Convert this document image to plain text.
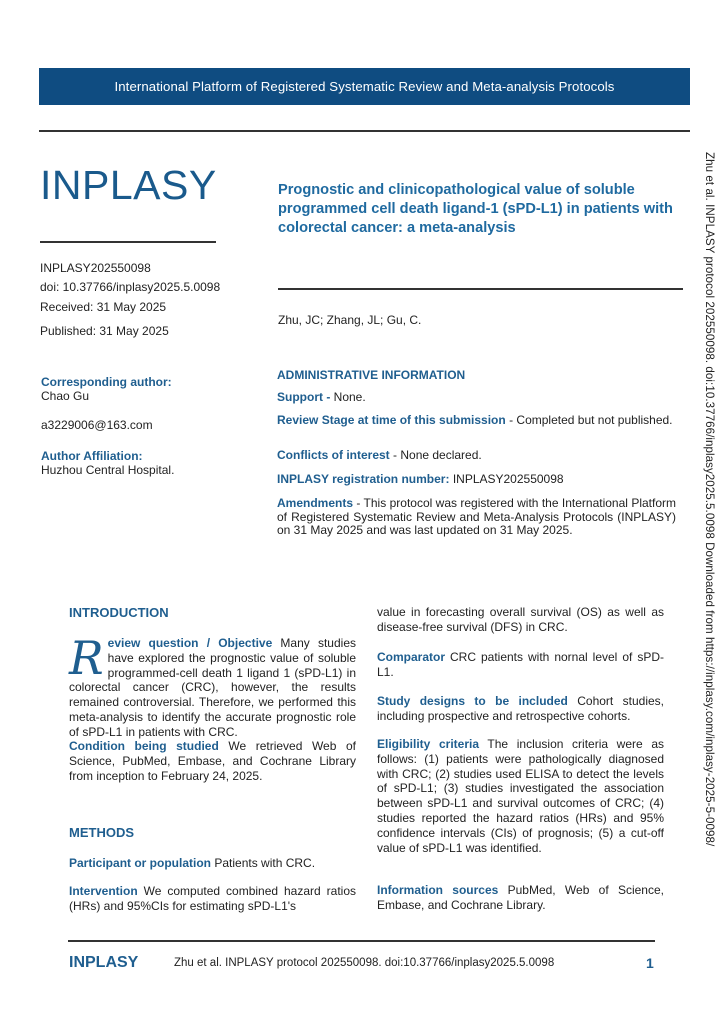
International Platform of Registered Systematic Review and Meta-analysis Protocols
INPLASY
INPLASY202550098
doi: 10.37766/inplasy2025.5.0098
Received: 31 May 2025
Published: 31 May 2025
Prognostic and clinicopathological value of soluble programmed cell death ligand-1 (sPD-L1) in patients with colorectal cancer: a meta-analysis
Zhu, JC; Zhang, JL; Gu, C.
Corresponding author:
Chao Gu
a3229006@163.com
Author Affiliation:
Huzhou Central Hospital.
ADMINISTRATIVE INFORMATION
Support - None.
Review Stage at time of this submission - Completed but not published.
Conflicts of interest - None declared.
INPLASY registration number: INPLASY202550098
Amendments - This protocol was registered with the International Platform of Registered Systematic Review and Meta-Analysis Protocols (INPLASY) on 31 May 2025 and was last updated on 31 May 2025.
INTRODUCTION
Review question / Objective Many studies have explored the prognostic value of soluble programmed-cell death 1 ligand 1 (sPD-L1) in colorectal cancer (CRC), however, the results remained controversial. Therefore, we performed this meta-analysis to identify the accurate prognostic role of sPD-L1 in patients with CRC.
Condition being studied We retrieved Web of Science, PubMed, Embase, and Cochrane Library from inception to February 24, 2025.
METHODS
Participant or population Patients with CRC.
Intervention We computed combined hazard ratios (HRs) and 95%CIs for estimating sPD-L1's
value in forecasting overall survival (OS) as well as disease-free survival (DFS) in CRC.
Comparator CRC patients with nornal level of sPD-L1.
Study designs to be included Cohort studies, including prospective and retrospective cohorts.
Eligibility criteria The inclusion criteria were as follows: (1) patients were pathologically diagnosed with CRC; (2) studies used ELISA to detect the levels of sPD-L1; (3) studies investigated the association between sPD-L1 and survival outcomes of CRC; (4) studies reported the hazard ratios (HRs) and 95% confidence intervals (CIs) of prognosis; (5) a cut-off value of sPD-L1 was identified.
Information sources PubMed, Web of Science, Embase, and Cochrane Library.
INPLASY	Zhu et al. INPLASY protocol 202550098. doi:10.37766/inplasy2025.5.0098	1
Zhu et al. INPLASY protocol 202550098. doi:10.37766/inplasy2025.5.0098 Downloaded from https://inplasy.com/inplasy-2025-5-0098/
